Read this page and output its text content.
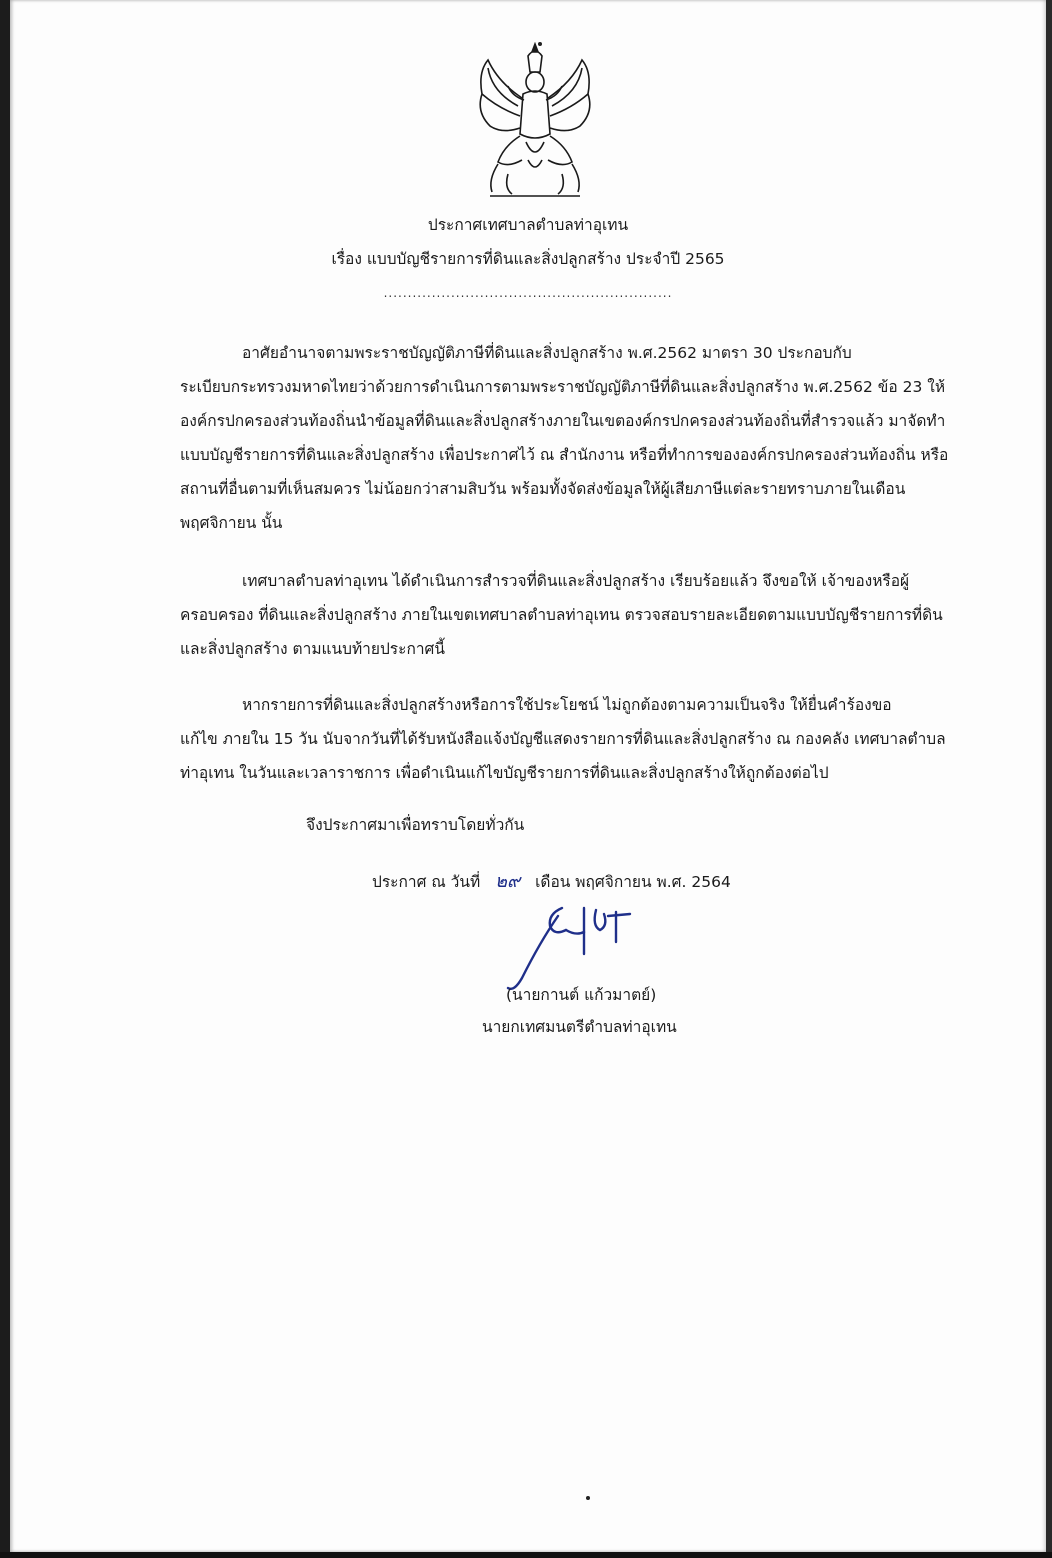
ประกาศเทศบาลตำบลท่าอุเทน
เรื่อง แบบบัญชีรายการที่ดินและสิ่งปลูกสร้าง ประจำปี 2565
............................................................
อาศัยอำนาจตามพระราชบัญญัติภาษีที่ดินและสิ่งปลูกสร้าง พ.ศ.2562 มาตรา 30 ประกอบกับ
ระเบียบกระทรวงมหาดไทยว่าด้วยการดำเนินการตามพระราชบัญญัติภาษีที่ดินและสิ่งปลูกสร้าง พ.ศ.2562 ข้อ 23 ให้
องค์กรปกครองส่วนท้องถิ่นนำข้อมูลที่ดินและสิ่งปลูกสร้างภายในเขตองค์กรปกครองส่วนท้องถิ่นที่สำรวจแล้ว มาจัดทำ
แบบบัญชีรายการที่ดินและสิ่งปลูกสร้าง เพื่อประกาศไว้ ณ สำนักงาน หรือที่ทำการขององค์กรปกครองส่วนท้องถิ่น หรือ
สถานที่อื่นตามที่เห็นสมควร ไม่น้อยกว่าสามสิบวัน พร้อมทั้งจัดส่งข้อมูลให้ผู้เสียภาษีแต่ละรายทราบภายในเดือน
พฤศจิกายน นั้น
เทศบาลตำบลท่าอุเทน ได้ดำเนินการสำรวจที่ดินและสิ่งปลูกสร้าง เรียบร้อยแล้ว จึงขอให้ เจ้าของหรือผู้
ครอบครอง ที่ดินและสิ่งปลูกสร้าง ภายในเขตเทศบาลตำบลท่าอุเทน ตรวจสอบรายละเอียดตามแบบบัญชีรายการที่ดิน
และสิ่งปลูกสร้าง ตามแนบท้ายประกาศนี้
หากรายการที่ดินและสิ่งปลูกสร้างหรือการใช้ประโยชน์ ไม่ถูกต้องตามความเป็นจริง ให้ยื่นคำร้องขอ
แก้ไข ภายใน 15 วัน นับจากวันที่ได้รับหนังสือแจ้งบัญชีแสดงรายการที่ดินและสิ่งปลูกสร้าง ณ กองคลัง เทศบาลตำบล
ท่าอุเทน ในวันและเวลาราชการ เพื่อดำเนินแก้ไขบัญชีรายการที่ดินและสิ่งปลูกสร้างให้ถูกต้องต่อไป
จึงประกาศมาเพื่อทราบโดยทั่วกัน
ประกาศ ณ วันที่ ๒๙ เดือน พฤศจิกายน พ.ศ. 2564
(นายกานต์ แก้วมาตย์)
นายกเทศมนตรีตำบลท่าอุเทน
